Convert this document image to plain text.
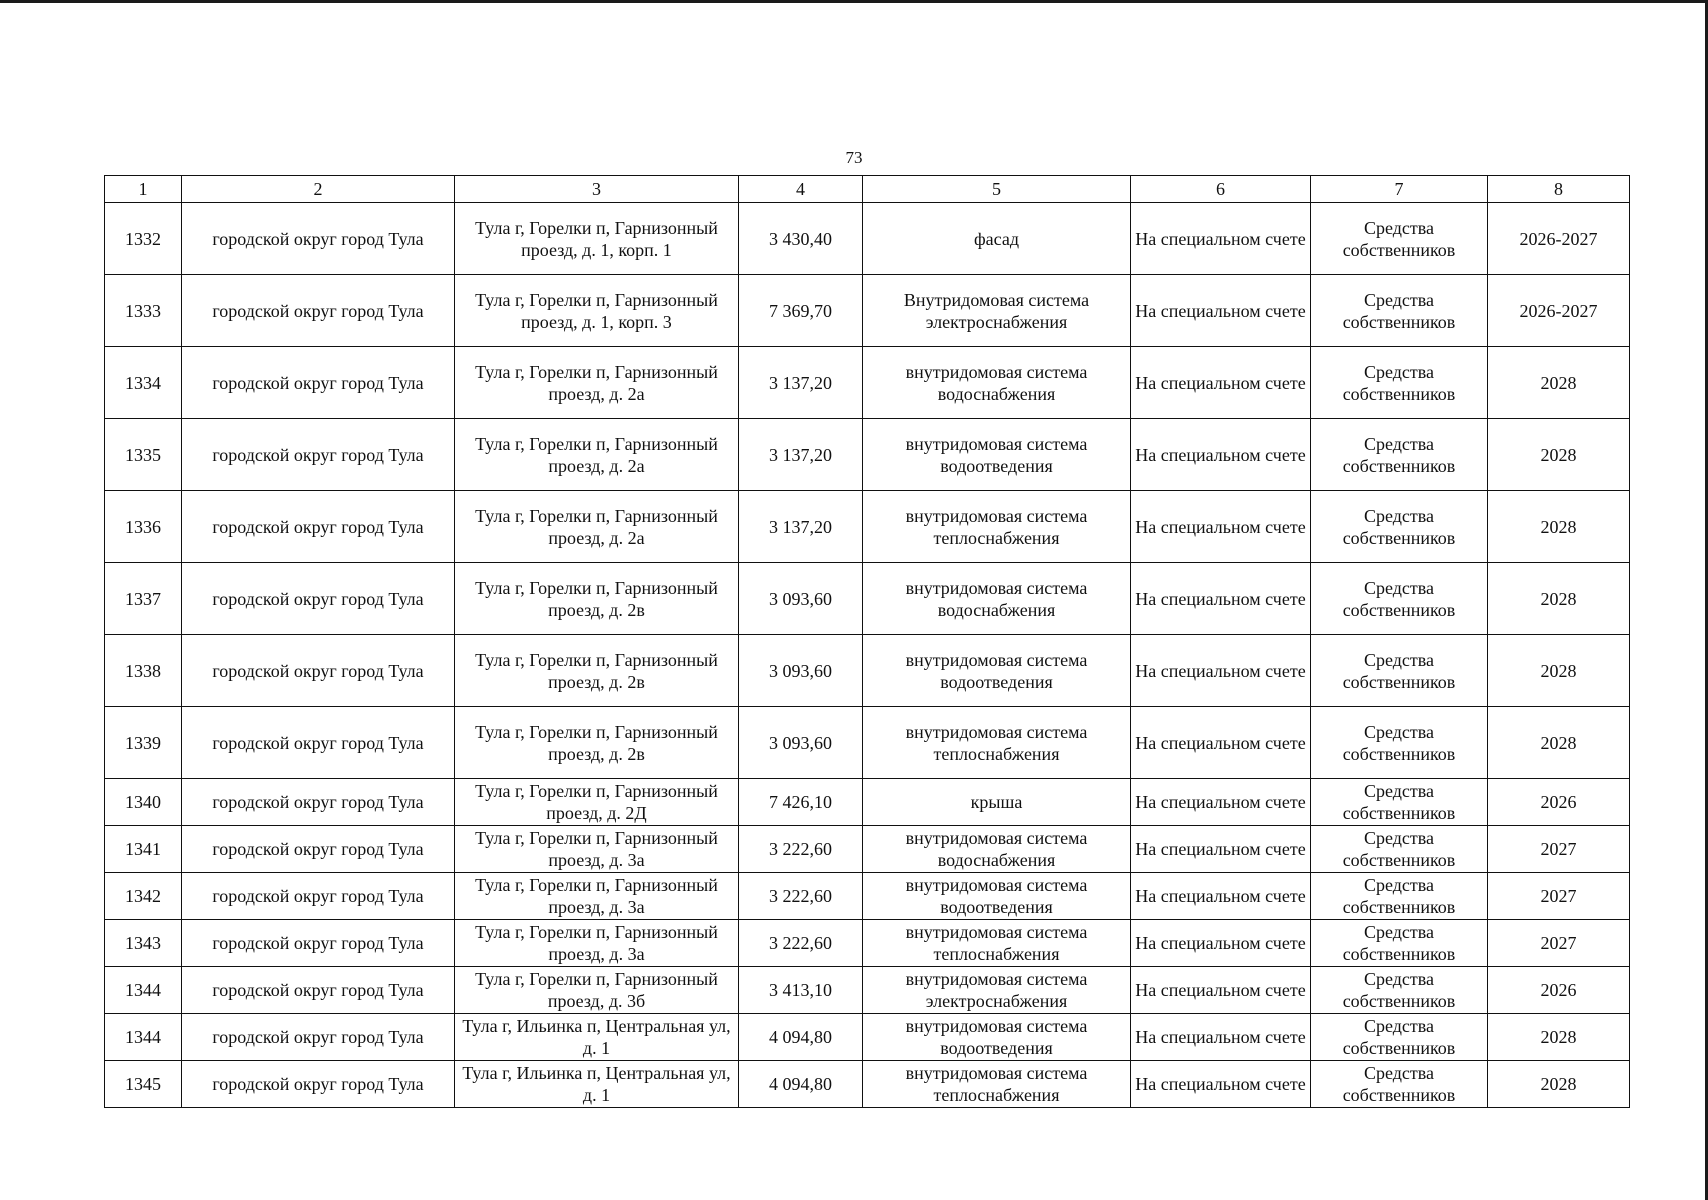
73
1	2	3	4	5	6	7	8
1332	городской округ город Тула	Тула г, Горелки п, Гарнизонный проезд, д. 1, корп. 1	3 430,40	фасад	На специальном счете	Средства собственников	2026-2027
1333	городской округ город Тула	Тула г, Горелки п, Гарнизонный проезд, д. 1, корп. 3	7 369,70	Внутридомовая система электроснабжения	На специальном счете	Средства собственников	2026-2027
1334	городской округ город Тула	Тула г, Горелки п, Гарнизонный проезд, д. 2а	3 137,20	внутридомовая система водоснабжения	На специальном счете	Средства собственников	2028
1335	городской округ город Тула	Тула г, Горелки п, Гарнизонный проезд, д. 2а	3 137,20	внутридомовая система водоотведения	На специальном счете	Средства собственников	2028
1336	городской округ город Тула	Тула г, Горелки п, Гарнизонный проезд, д. 2а	3 137,20	внутридомовая система теплоснабжения	На специальном счете	Средства собственников	2028
1337	городской округ город Тула	Тула г, Горелки п, Гарнизонный проезд, д. 2в	3 093,60	внутридомовая система водоснабжения	На специальном счете	Средства собственников	2028
1338	городской округ город Тула	Тула г, Горелки п, Гарнизонный проезд, д. 2в	3 093,60	внутридомовая система водоотведения	На специальном счете	Средства собственников	2028
1339	городской округ город Тула	Тула г, Горелки п, Гарнизонный проезд, д. 2в	3 093,60	внутридомовая система теплоснабжения	На специальном счете	Средства собственников	2028
1340	городской округ город Тула	Тула г, Горелки п, Гарнизонный проезд, д. 2Д	7 426,10	крыша	На специальном счете	Средства собственников	2026
1341	городской округ город Тула	Тула г, Горелки п, Гарнизонный проезд, д. 3а	3 222,60	внутридомовая система водоснабжения	На специальном счете	Средства собственников	2027
1342	городской округ город Тула	Тула г, Горелки п, Гарнизонный проезд, д. 3а	3 222,60	внутридомовая система водоотведения	На специальном счете	Средства собственников	2027
1343	городской округ город Тула	Тула г, Горелки п, Гарнизонный проезд, д. 3а	3 222,60	внутридомовая система теплоснабжения	На специальном счете	Средства собственников	2027
1344	городской округ город Тула	Тула г, Горелки п, Гарнизонный проезд, д. 3б	3 413,10	внутридомовая система электроснабжения	На специальном счете	Средства собственников	2026
1344	городской округ город Тула	Тула г, Ильинка п, Центральная ул, д. 1	4 094,80	внутридомовая система водоотведения	На специальном счете	Средства собственников	2028
1345	городской округ город Тула	Тула г, Ильинка п, Центральная ул, д. 1	4 094,80	внутридомовая система теплоснабжения	На специальном счете	Средства собственников	2028
